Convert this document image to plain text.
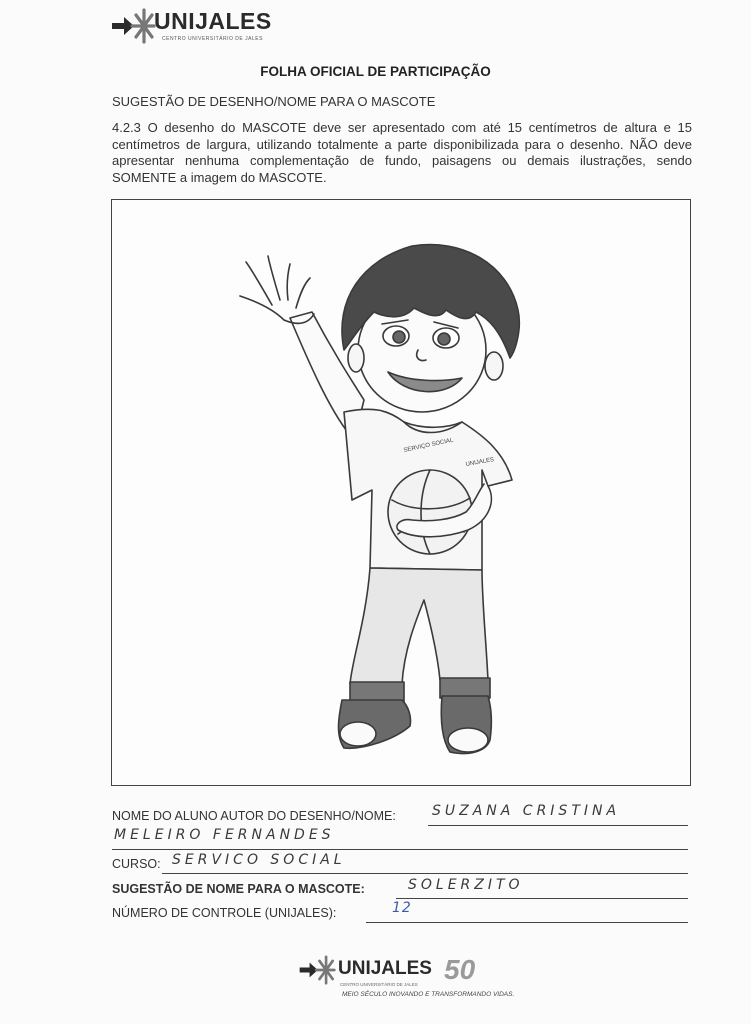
UNIJALES
CENTRO UNIVERSITÁRIO DE JALES
FOLHA OFICIAL DE PARTICIPAÇÃO
SUGESTÃO DE DESENHO/NOME PARA O MASCOTE
4.2.3 O desenho do MASCOTE deve ser apresentado com até 15 centímetros de altura e 15 centímetros de largura, utilizando totalmente a parte disponibilizada para o desenho. NÃO deve apresentar nenhuma complementação de fundo, paisagens ou demais ilustrações, sendo SOMENTE a imagem do MASCOTE.
SERVIÇO SOCIAL
UNIJALES
NOME DO ALUNO AUTOR DO DESENHO/NOME:	SUZANA CRISTINA
MELEIRO FERNANDES
CURSO: SERVICO SOCIAL
SUGESTÃO DE NOME PARA O MASCOTE:	SOLERZITO
NÚMERO DE CONTROLE (UNIJALES):	12
UNIJALES 50
CENTRO UNIVERSITÁRIO DE JALES
MEIO SÉCULO INOVANDO E TRANSFORMANDO VIDAS.
